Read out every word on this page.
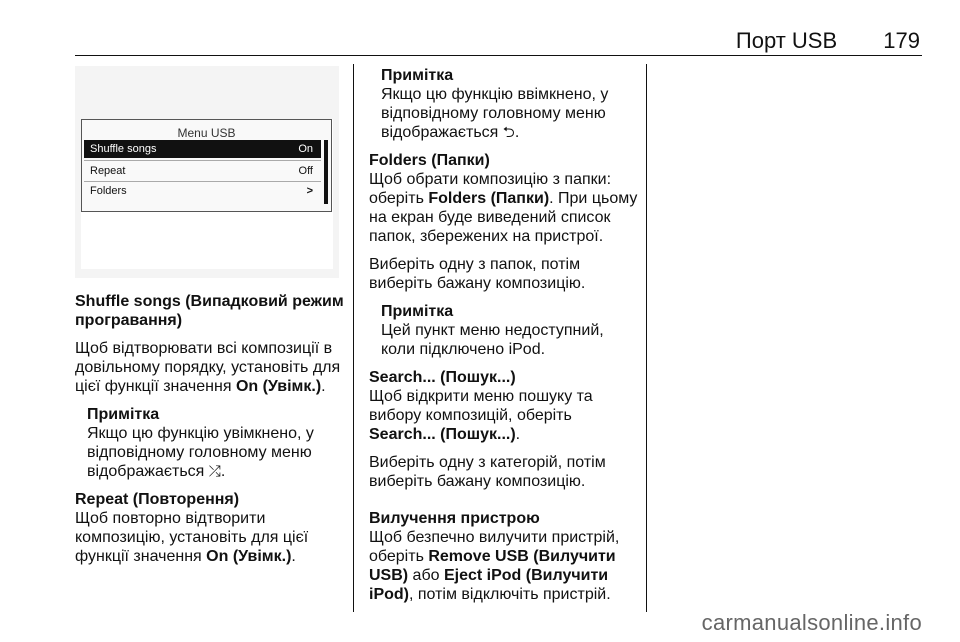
Порт USB 179
Menu USB
Shuffle songs	On
Repeat	Off
Folders	>

Shuffle songs (Випадковий режим програвання)

Щоб відтворювати всі композиції в довільному порядку, установіть для цієї функції значення On (Увімк.).

Примітка

Якщо цю функцію увімкнено, у відповідному головному меню відображається ⤮.

Repeat (Повторення)

Щоб повторно відтворити композицію, установіть для цієї функції значення On (Увімк.).

Примітка

Якщо цю функцію ввімкнено, у відповідному головному меню відображається ⮌.

Folders (Папки)

Щоб обрати композицію з папки: оберіть Folders (Папки). При цьому на екран буде виведений список папок, збережених на пристрої.

Виберіть одну з папок, потім виберіть бажану композицію.

Примітка

Цей пункт меню недоступний, коли підключено iPod.

Search... (Пошук...)

Щоб відкрити меню пошуку та вибору композицій, оберіть Search... (Пошук...).

Виберіть одну з категорій, потім виберіть бажану композицію.

Вилучення пристрою

Щоб безпечно вилучити пристрій, оберіть Remove USB (Вилучити USB) або Eject iPod (Вилучити iPod), потім відключіть пристрій.

carmanualsonline.info
